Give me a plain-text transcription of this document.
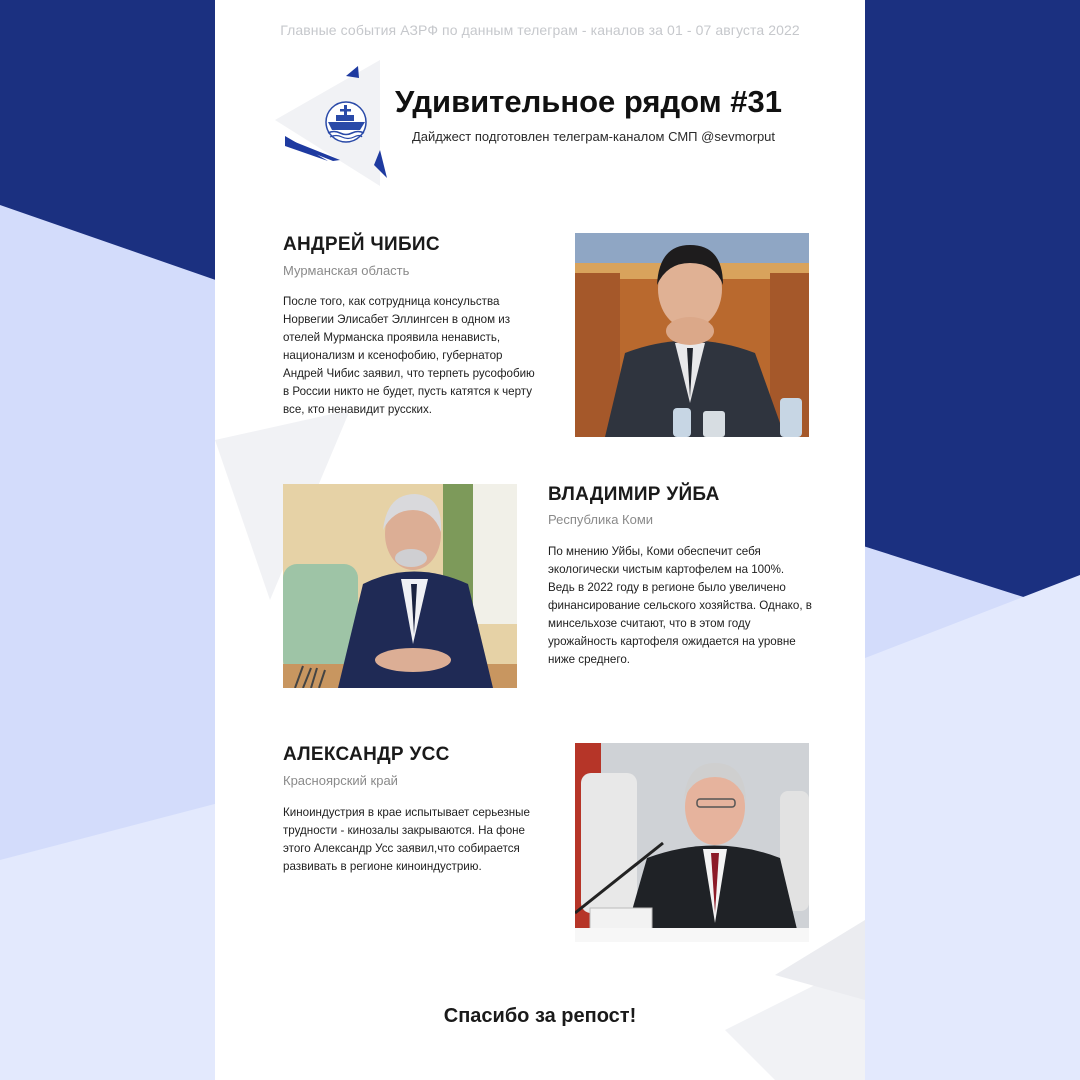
Главные события АЗРФ по данным телеграм - каналов за 01 - 07 августа 2022
Удивительное рядом #31
Дайджест подготовлен телеграм-каналом СМП @sevmorput
АНДРЕЙ ЧИБИС
Мурманская область
После того, как сотрудница консульства Норвегии Элисабет Эллингсен в одном из отелей Мурманска проявила ненависть, национализм и ксенофобию, губернатор Андрей Чибис заявил, что терпеть русофобию в России никто не будет, пусть катятся к черту все, кто ненавидит русских.
ВЛАДИМИР УЙБА
Республика Коми
По мнению Уйбы, Коми обеспечит себя экологически чистым картофелем на 100%. Ведь в 2022 году в регионе было увеличено финансирование сельского хозяйства. Однако, в минсельхозе считают, что в этом году урожайность картофеля ожидается на уровне ниже среднего.
АЛЕКСАНДР УСС
Красноярский край
Киноиндустрия в крае испытывает серьезные трудности - кинозалы закрываются. На фоне этого Александр Усс заявил,что собирается развивать в регионе киноиндустрию.
Спасибо за репост!
